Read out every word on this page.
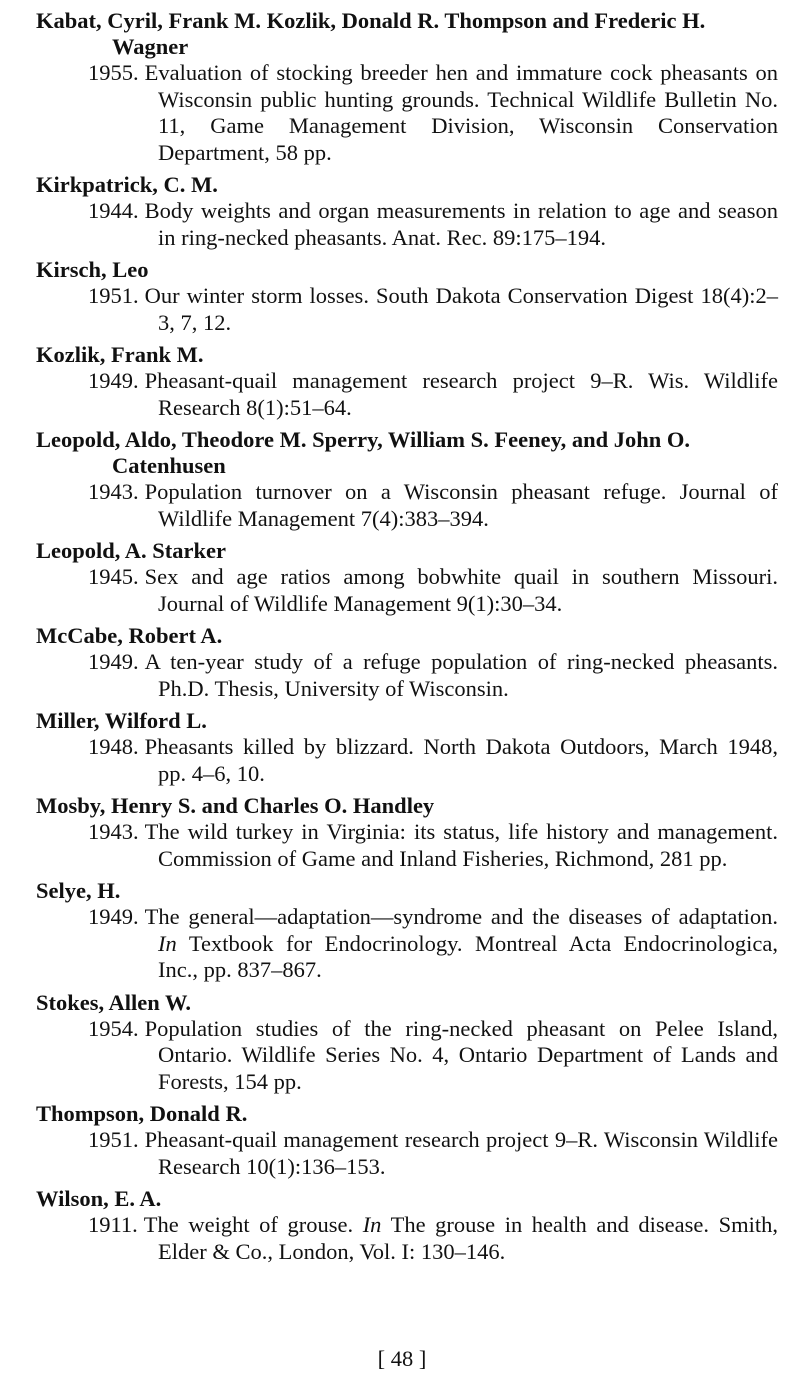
Kabat, Cyril, Frank M. Kozlik, Donald R. Thompson and Frederic H. Wagner
1955. Evaluation of stocking breeder hen and immature cock pheasants on Wisconsin public hunting grounds. Technical Wildlife Bulletin No. 11, Game Management Division, Wisconsin Conservation Department, 58 pp.
Kirkpatrick, C. M.
1944. Body weights and organ measurements in relation to age and season in ring-necked pheasants. Anat. Rec. 89:175–194.
Kirsch, Leo
1951. Our winter storm losses. South Dakota Conservation Digest 18(4):2–3, 7, 12.
Kozlik, Frank M.
1949. Pheasant-quail management research project 9–R. Wis. Wildlife Research 8(1):51–64.
Leopold, Aldo, Theodore M. Sperry, William S. Feeney, and John O. Catenhusen
1943. Population turnover on a Wisconsin pheasant refuge. Journal of Wildlife Management 7(4):383–394.
Leopold, A. Starker
1945. Sex and age ratios among bobwhite quail in southern Missouri. Journal of Wildlife Management 9(1):30–34.
McCabe, Robert A.
1949. A ten-year study of a refuge population of ring-necked pheasants. Ph.D. Thesis, University of Wisconsin.
Miller, Wilford L.
1948. Pheasants killed by blizzard. North Dakota Outdoors, March 1948, pp. 4–6, 10.
Mosby, Henry S. and Charles O. Handley
1943. The wild turkey in Virginia: its status, life history and management. Commission of Game and Inland Fisheries, Richmond, 281 pp.
Selye, H.
1949. The general—adaptation—syndrome and the diseases of adaptation. In Textbook for Endocrinology. Montreal Acta Endocrinologica, Inc., pp. 837–867.
Stokes, Allen W.
1954. Population studies of the ring-necked pheasant on Pelee Island, Ontario. Wildlife Series No. 4, Ontario Department of Lands and Forests, 154 pp.
Thompson, Donald R.
1951. Pheasant-quail management research project 9–R. Wisconsin Wildlife Research 10(1):136–153.
Wilson, E. A.
1911. The weight of grouse. In The grouse in health and disease. Smith, Elder & Co., London, Vol. I: 130–146.
[ 48 ]
